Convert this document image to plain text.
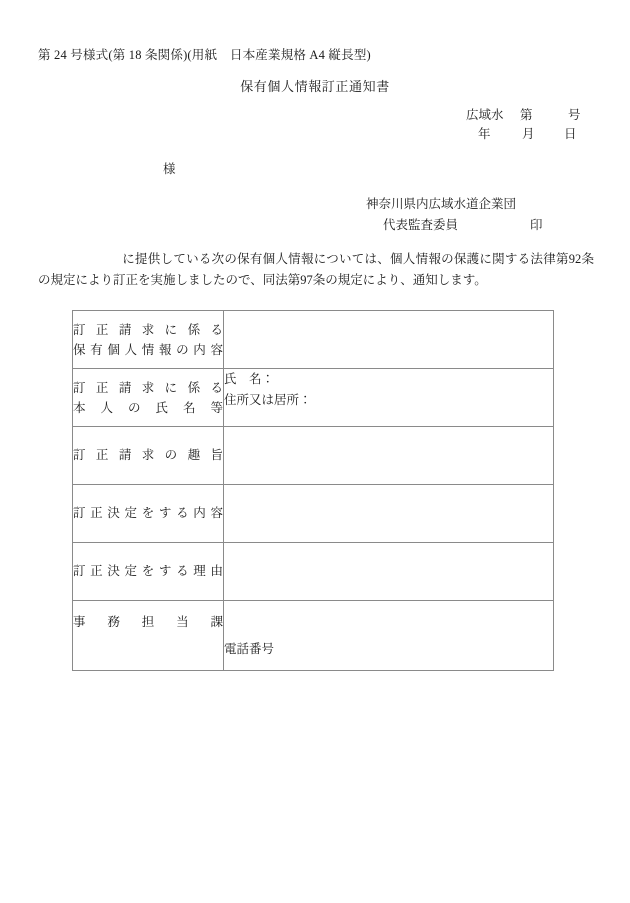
第 24 号様式(第 18 条関係)(用紙　日本産業規格 A4 縦長型)
保有個人情報訂正通知書
広域水 第	号
年	月 日
様
神奈川県内広域水道企業団
代表監査委員	印
に提供している次の保有個人情報については、個人情報の保護に関する法律第92条の規定により訂正を実施しましたので、同法第97条の規定により、通知します。
訂正請求に係る
保有個人情報の内容	

訂正請求に係る
本人の氏名等	氏　名：
住所又は居所：

訂正請求の趣旨	

訂正決定をする内容	

訂正決定をする理由	

事務担当課	電話番号
